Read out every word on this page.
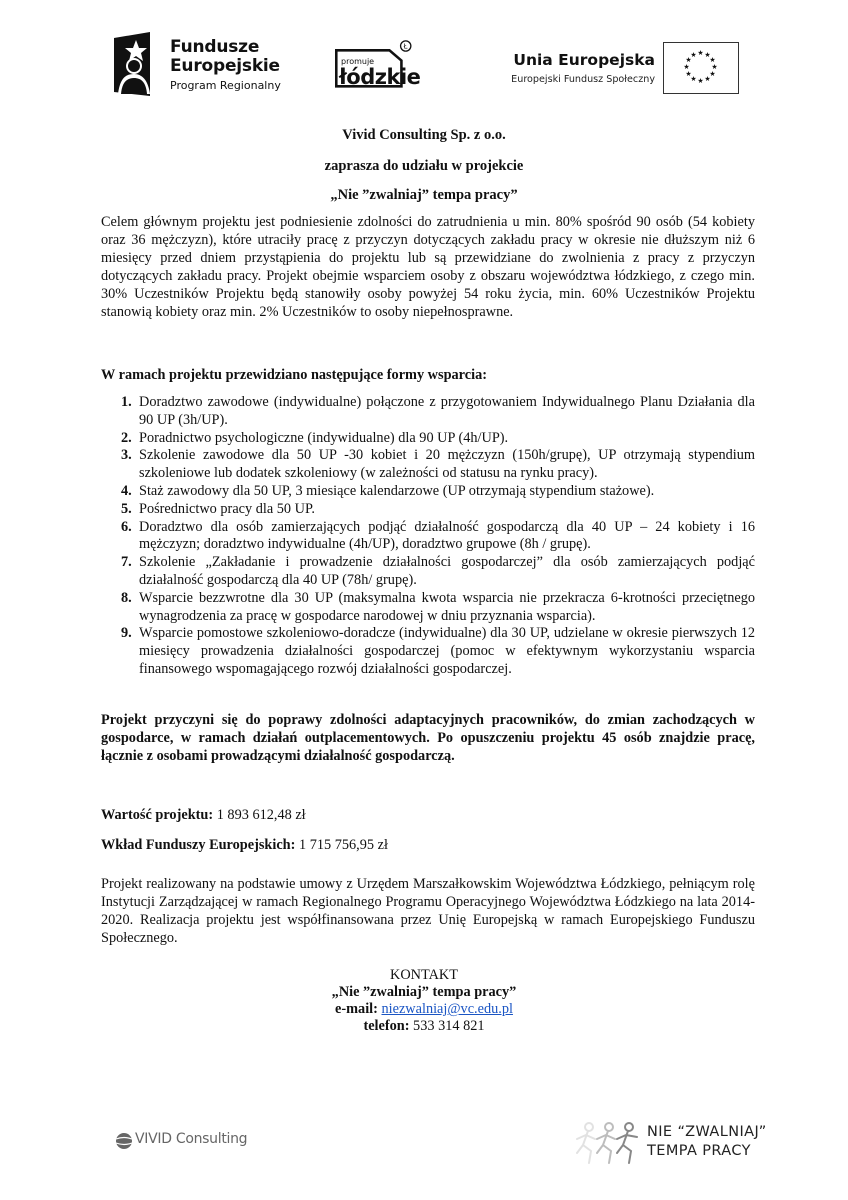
Fundusze
Europejskie
Program Regionalny
Ł
promuje
łódzkie
Unia Europejska
Europejski Fundusz Społeczny
★ ★
★
★
★
★
★
★
★
★
★
★
Vivid Consulting Sp. z o.o.
zaprasza do udziału w projekcie
„Nie ”zwalniaj” tempa pracy”
Celem głównym projektu jest podniesienie zdolności do zatrudnienia u min. 80% spośród 90 osób (54 kobiety oraz 36 mężczyzn), które utraciły pracę z przyczyn dotyczących zakładu pracy w okresie nie dłuższym niż 6 miesięcy przed dniem przystąpienia do projektu lub są przewidziane do zwolnienia z pracy z przyczyn dotyczących zakładu pracy. Projekt obejmie wsparciem osoby z obszaru województwa łódzkiego, z czego min. 30% Uczestników Projektu będą stanowiły osoby powyżej 54 roku życia, min. 60% Uczestników Projektu stanowią kobiety oraz min. 2% Uczestników to osoby niepełnosprawne.
W ramach projektu przewidziano następujące formy wsparcia:
1. Doradztwo zawodowe (indywidualne) połączone z przygotowaniem Indywidualnego Planu Działania dla 90 UP (3h/UP).
2. Poradnictwo psychologiczne (indywidualne) dla 90 UP (4h/UP).
3. Szkolenie zawodowe dla 50 UP -30 kobiet i 20 mężczyzn (150h/grupę), UP otrzymają stypendium szkoleniowe lub dodatek szkoleniowy (w zależności od statusu na rynku pracy).
4. Staż zawodowy dla 50 UP, 3 miesiące kalendarzowe (UP otrzymają stypendium stażowe).
5. Pośrednictwo pracy dla 50 UP.
6. Doradztwo dla osób zamierzających podjąć działalność gospodarczą dla 40 UP – 24 kobiety i 16 mężczyzn; doradztwo indywidualne (4h/UP), doradztwo grupowe (8h / grupę).
7. Szkolenie „Zakładanie i prowadzenie działalności gospodarczej” dla osób zamierzających podjąć działalność gospodarczą dla 40 UP (78h/ grupę).
8. Wsparcie bezzwrotne dla 30 UP (maksymalna kwota wsparcia nie przekracza 6-krotności przeciętnego wynagrodzenia za pracę w gospodarce narodowej w dniu przyznania wsparcia).
9. Wsparcie pomostowe szkoleniowo-doradcze (indywidualne) dla 30 UP, udzielane w okresie pierwszych 12 miesięcy prowadzenia działalności gospodarczej (pomoc w efektywnym wykorzystaniu wsparcia finansowego wspomagającego rozwój działalności gospodarczej.
Projekt przyczyni się do poprawy zdolności adaptacyjnych pracowników, do zmian zachodzących w gospodarce, w ramach działań outplacementowych. Po opuszczeniu projektu 45 osób znajdzie pracę, łącznie z osobami prowadzącymi działalność gospodarczą.
Wartość projektu: 1 893 612,48 zł
Wkład Funduszy Europejskich: 1 715 756,95 zł
Projekt realizowany na podstawie umowy z Urzędem Marszałkowskim Województwa Łódzkiego, pełniącym rolę Instytucji Zarządzającej w ramach Regionalnego Programu Operacyjnego Województwa Łódzkiego na lata 2014-2020. Realizacja projektu jest współfinansowana przez Unię Europejską w ramach Europejskiego Funduszu Społecznego.
KONTAKT
„Nie ”zwalniaj” tempa pracy”
e-mail: niezwalniaj@vc.edu.pl
telefon: 533 314 821
VIVID Consulting	NIE “ZWALNIAJ”
TEMPA PRACY
